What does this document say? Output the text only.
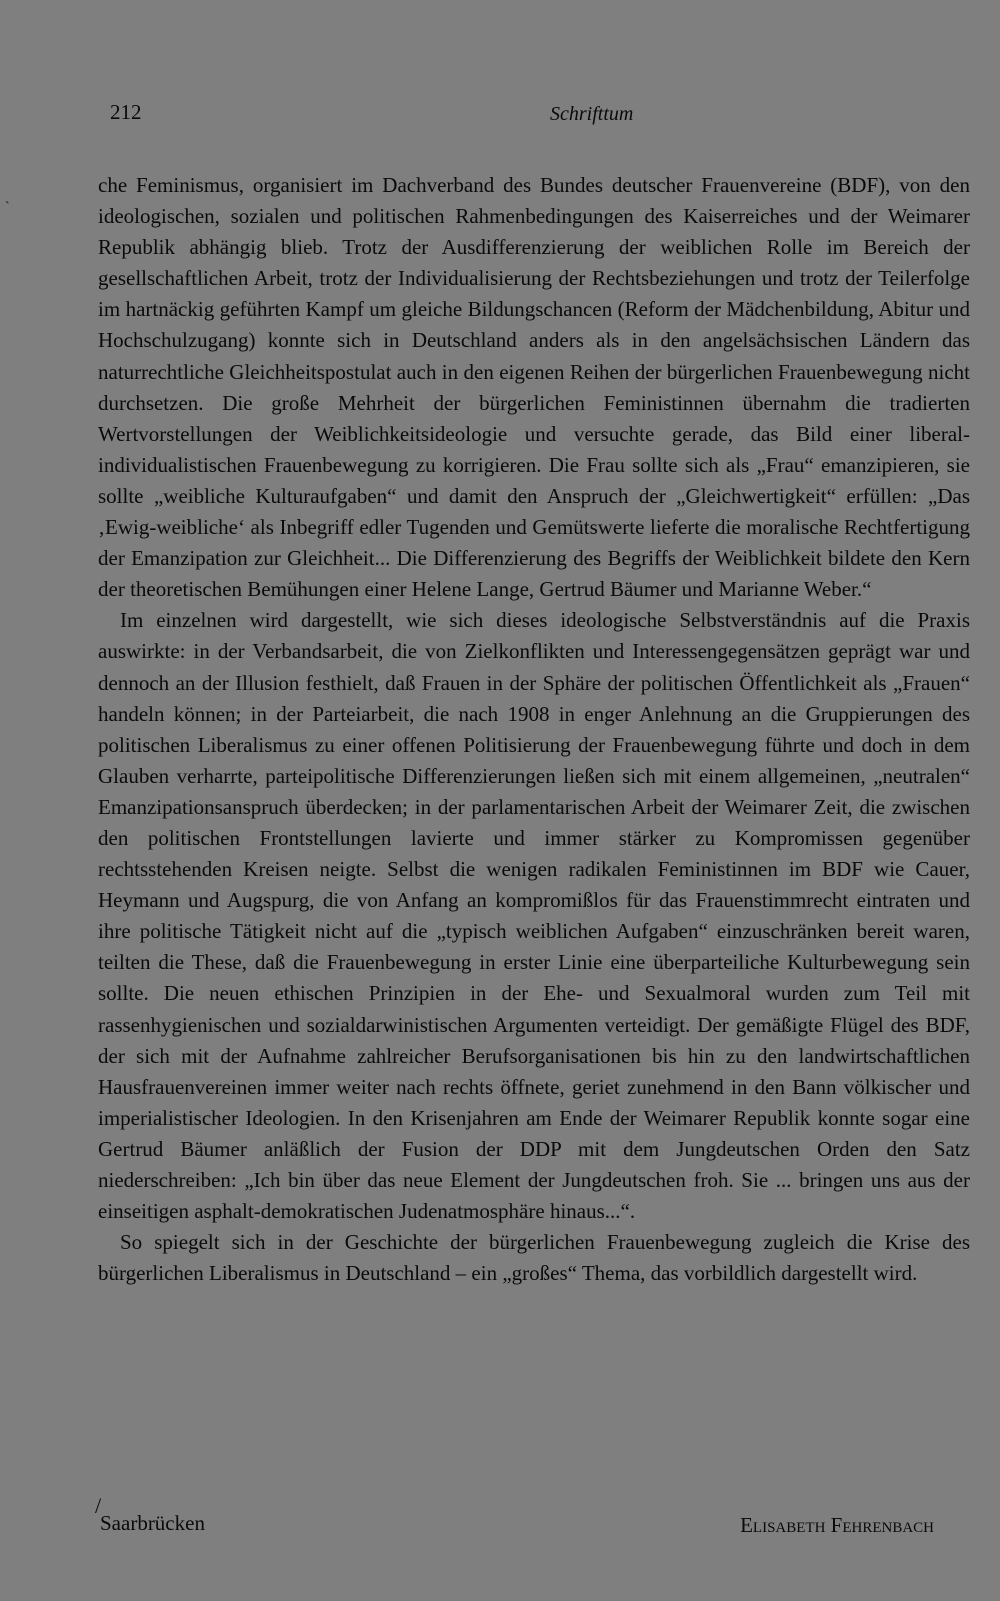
212	Schrifttum
`

che Feminismus, organisiert im Dachverband des Bundes deutscher Frauenvereine (BDF), von den ideologischen, sozialen und politischen Rahmenbedingungen des Kaiserreiches und der Weimarer Republik abhängig blieb. Trotz der Ausdifferenzierung der weiblichen Rolle im Bereich der gesellschaftlichen Arbeit, trotz der Individualisierung der Rechtsbeziehungen und trotz der Teilerfolge im hartnäckig geführten Kampf um gleiche Bildungschancen (Reform der Mädchenbildung, Abitur und Hochschulzugang) konnte sich in Deutschland anders als in den angelsächsischen Ländern das naturrechtliche Gleichheitspostulat auch in den eigenen Reihen der bürgerlichen Frauenbewegung nicht durchsetzen. Die große Mehrheit der bürgerlichen Feministinnen übernahm die tradierten Wertvorstellungen der Weiblichkeitsideologie und versuchte gerade, das Bild einer liberal-individualistischen Frauenbewegung zu korrigieren. Die Frau sollte sich als „Frau“ emanzipieren, sie sollte „weibliche Kulturaufgaben“ und damit den Anspruch der „Gleichwertigkeit“ erfüllen: „Das ‚Ewig-weibliche‘ als Inbegriff edler Tugenden und Gemütswerte lieferte die moralische Rechtfertigung der Emanzipation zur Gleichheit... Die Differenzierung des Begriffs der Weiblichkeit bildete den Kern der theoretischen Bemühungen einer Helene Lange, Gertrud Bäumer und Marianne Weber.“

Im einzelnen wird dargestellt, wie sich dieses ideologische Selbstverständnis auf die Praxis auswirkte: in der Verbandsarbeit, die von Zielkonflikten und Interessengegensätzen geprägt war und dennoch an der Illusion festhielt, daß Frauen in der Sphäre der politischen Öffentlichkeit als „Frauen“ handeln können; in der Parteiarbeit, die nach 1908 in enger Anlehnung an die Gruppierungen des politischen Liberalismus zu einer offenen Politisierung der Frauenbewegung führte und doch in dem Glauben verharrte, parteipolitische Differenzierungen ließen sich mit einem allgemeinen, „neutralen“ Emanzipationsanspruch überdecken; in der parlamentarischen Arbeit der Weimarer Zeit, die zwischen den politischen Frontstellungen lavierte und immer stärker zu Kompromissen gegenüber rechtsstehenden Kreisen neigte. Selbst die wenigen radikalen Feministinnen im BDF wie Cauer, Heymann und Augspurg, die von Anfang an kompromißlos für das Frauenstimmrecht eintraten und ihre politische Tätigkeit nicht auf die „typisch weiblichen Aufgaben“ einzuschränken bereit waren, teilten die These, daß die Frauenbewegung in erster Linie eine überparteiliche Kulturbewegung sein sollte. Die neuen ethischen Prinzipien in der Ehe- und Sexualmoral wurden zum Teil mit rassenhygienischen und sozialdarwinistischen Argumenten verteidigt. Der gemäßigte Flügel des BDF, der sich mit der Aufnahme zahlreicher Berufsorganisationen bis hin zu den landwirtschaftlichen Hausfrauenvereinen immer weiter nach rechts öffnete, geriet zunehmend in den Bann völkischer und imperialistischer Ideologien. In den Krisenjahren am Ende der Weimarer Republik konnte sogar eine Gertrud Bäumer anläßlich der Fusion der DDP mit dem Jungdeutschen Orden den Satz niederschreiben: „Ich bin über das neue Element der Jungdeutschen froh. Sie ... bringen uns aus der einseitigen asphalt-demokratischen Judenatmosphäre hinaus...“.

So spiegelt sich in der Geschichte der bürgerlichen Frauenbewegung zugleich die Krise des bürgerlichen Liberalismus in Deutschland – ein „großes“ Thema, das vorbildlich dargestellt wird.

/
Saarbrücken	Elisabeth Fehrenbach
